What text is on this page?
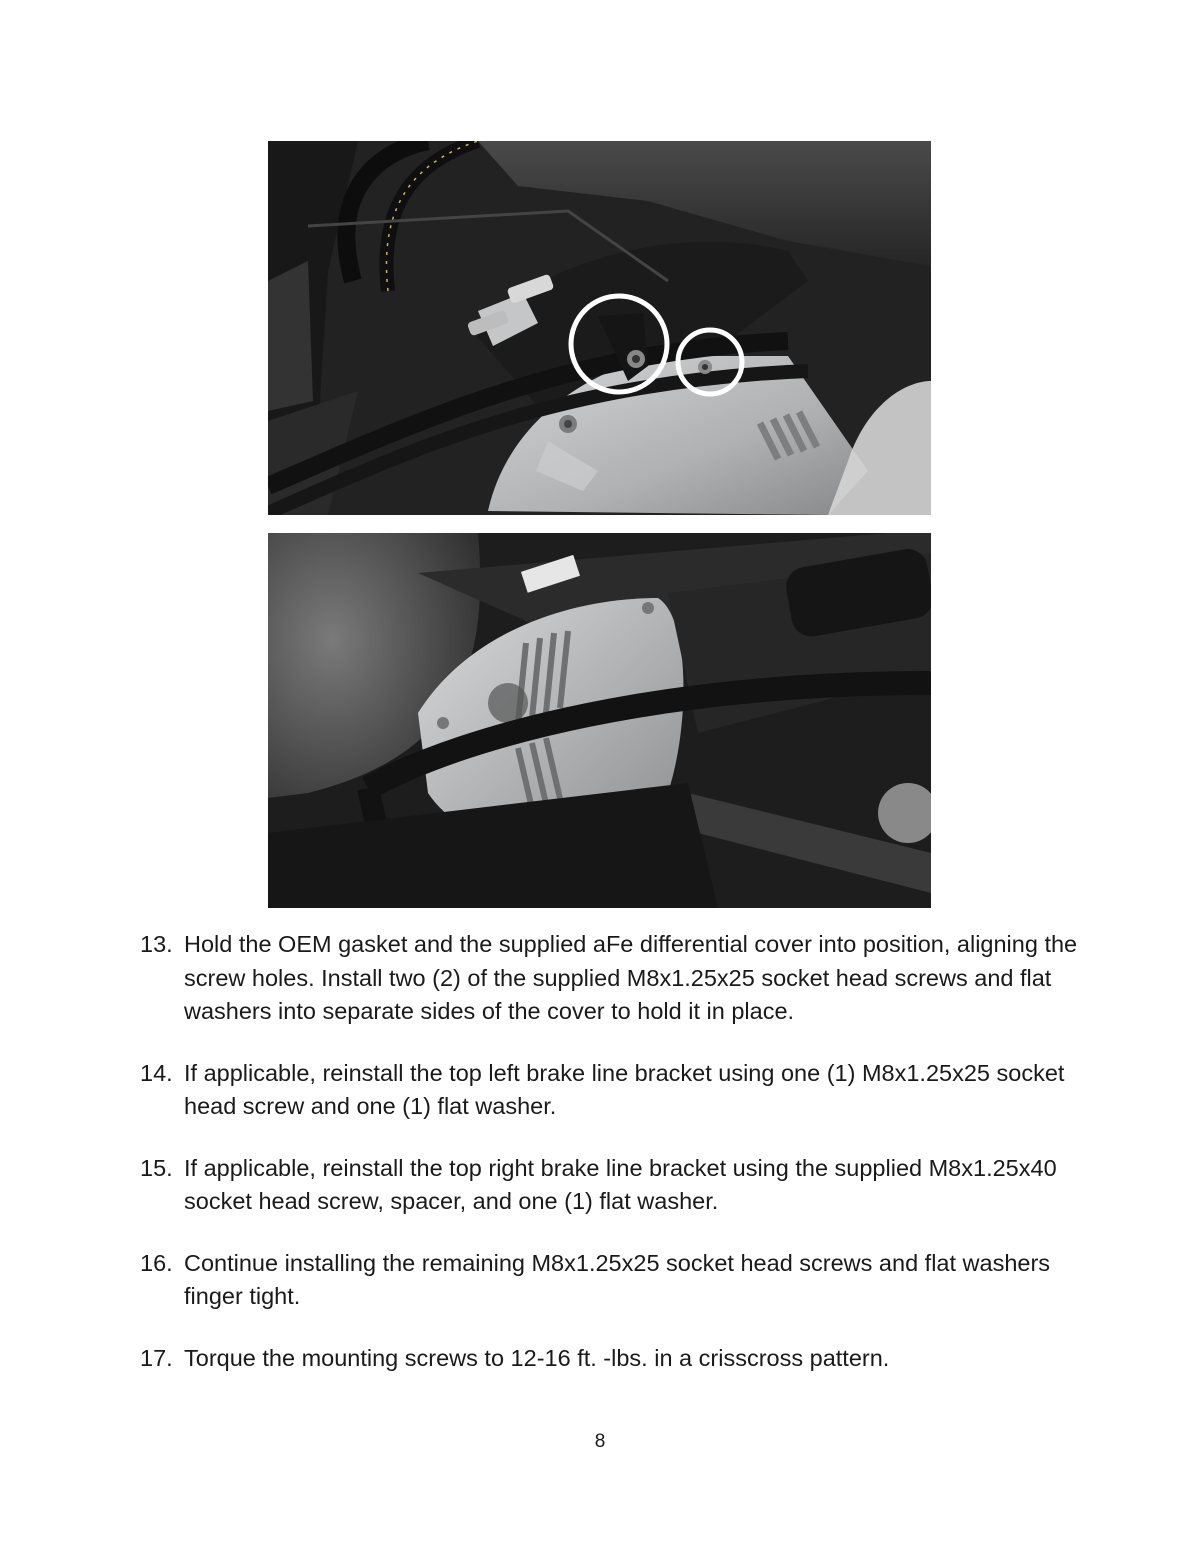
13. Hold the OEM gasket and the supplied aFe differential cover into position, aligning the screw holes. Install two (2) of the supplied M8x1.25x25 socket head screws and flat washers into separate sides of the cover to hold it in place.
14. If applicable, reinstall the top left brake line bracket using one (1) M8x1.25x25 socket head screw and one (1) flat washer.
15. If applicable, reinstall the top right brake line bracket using the supplied M8x1.25x40 socket head screw, spacer, and one (1) flat washer.
16. Continue installing the remaining M8x1.25x25 socket head screws and flat washers finger tight.
17. Torque the mounting screws to 12-16 ft. -lbs. in a crisscross pattern.
8
